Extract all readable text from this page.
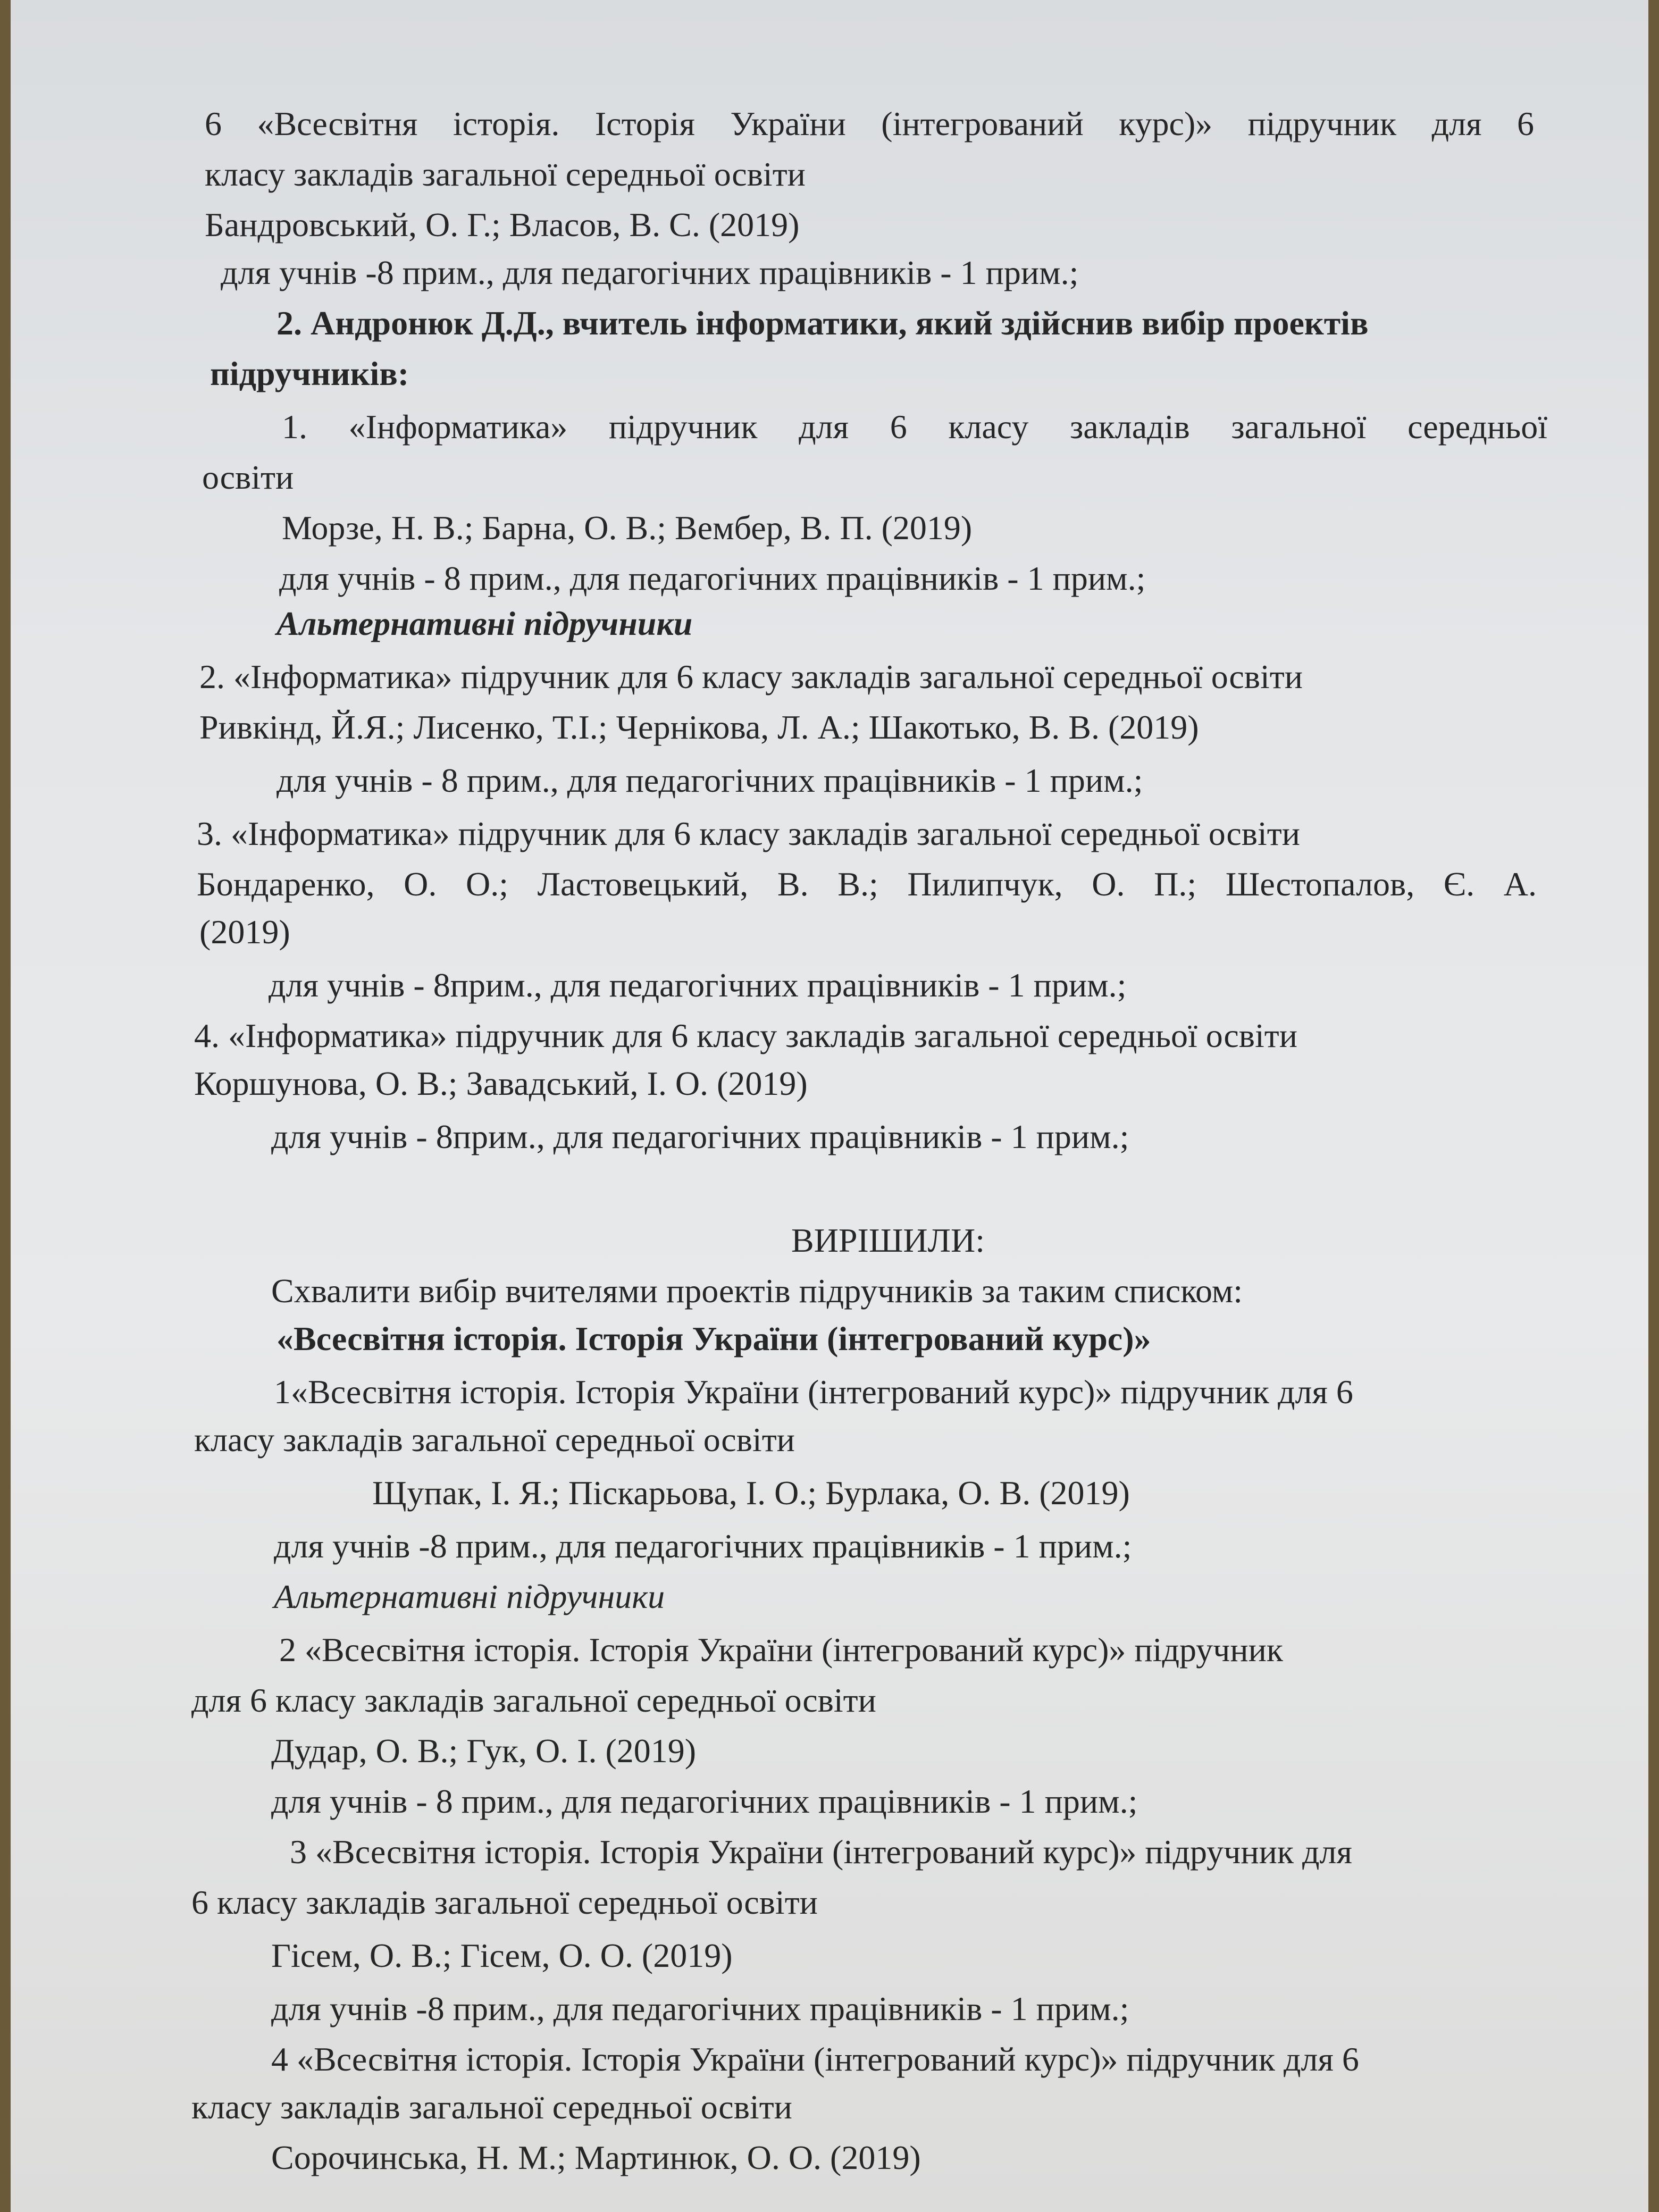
6 «Всесвітня історія. Історія України (інтегрований курс)» підручник для 6
класу закладів загальної середньої освіти
Бандровський, О. Г.; Власов, В. С. (2019)
для учнів -8 прим., для педагогічних працівників - 1 прим.;
2. Андронюк Д.Д., вчитель інформатики, який здійснив вибір проектів
підручників:
1. «Інформатика» підручник для 6 класу закладів загальної середньої
освіти
Морзе, Н. В.; Барна, О. В.; Вембер, В. П. (2019)
для учнів - 8 прим., для педагогічних працівників - 1 прим.;
Альтернативні підручники
2. «Інформатика» підручник для 6 класу закладів загальної середньої освіти
Ривкінд, Й.Я.; Лисенко, Т.І.; Чернікова, Л. А.; Шакотько, В. В. (2019)
для учнів - 8 прим., для педагогічних працівників - 1 прим.;
3. «Інформатика» підручник для 6 класу закладів загальної середньої освіти
Бондаренко, О. О.; Ластовецький, В. В.; Пилипчук, О. П.; Шестопалов, Є. А.
(2019)
для учнів - 8прим., для педагогічних працівників - 1 прим.;
4. «Інформатика» підручник для 6 класу закладів загальної середньої освіти
Коршунова, О. В.; Завадський, І. О. (2019)
для учнів - 8прим., для педагогічних працівників - 1 прим.;
ВИРІШИЛИ:
Схвалити вибір вчителями проектів підручників за таким списком:
«Всесвітня історія. Історія України (інтегрований курс)»
1«Всесвітня історія. Історія України (інтегрований курс)» підручник для 6
класу закладів загальної середньої освіти
Щупак, І. Я.; Піскарьова, І. О.; Бурлака, О. В. (2019)
для учнів -8 прим., для педагогічних працівників - 1 прим.;
Альтернативні підручники
2 «Всесвітня історія. Історія України (інтегрований курс)» підручник
для 6 класу закладів загальної середньої освіти
Дудар, О. В.; Гук, О. І. (2019)
для учнів - 8 прим., для педагогічних працівників - 1 прим.;
3 «Всесвітня історія. Історія України (інтегрований курс)» підручник для
6 класу закладів загальної середньої освіти
Гісем, О. В.; Гісем, О. О. (2019)
для учнів -8 прим., для педагогічних працівників - 1 прим.;
4 «Всесвітня історія. Історія України (інтегрований курс)» підручник для 6
класу закладів загальної середньої освіти
Сорочинська, Н. М.; Мартинюк, О. О. (2019)
